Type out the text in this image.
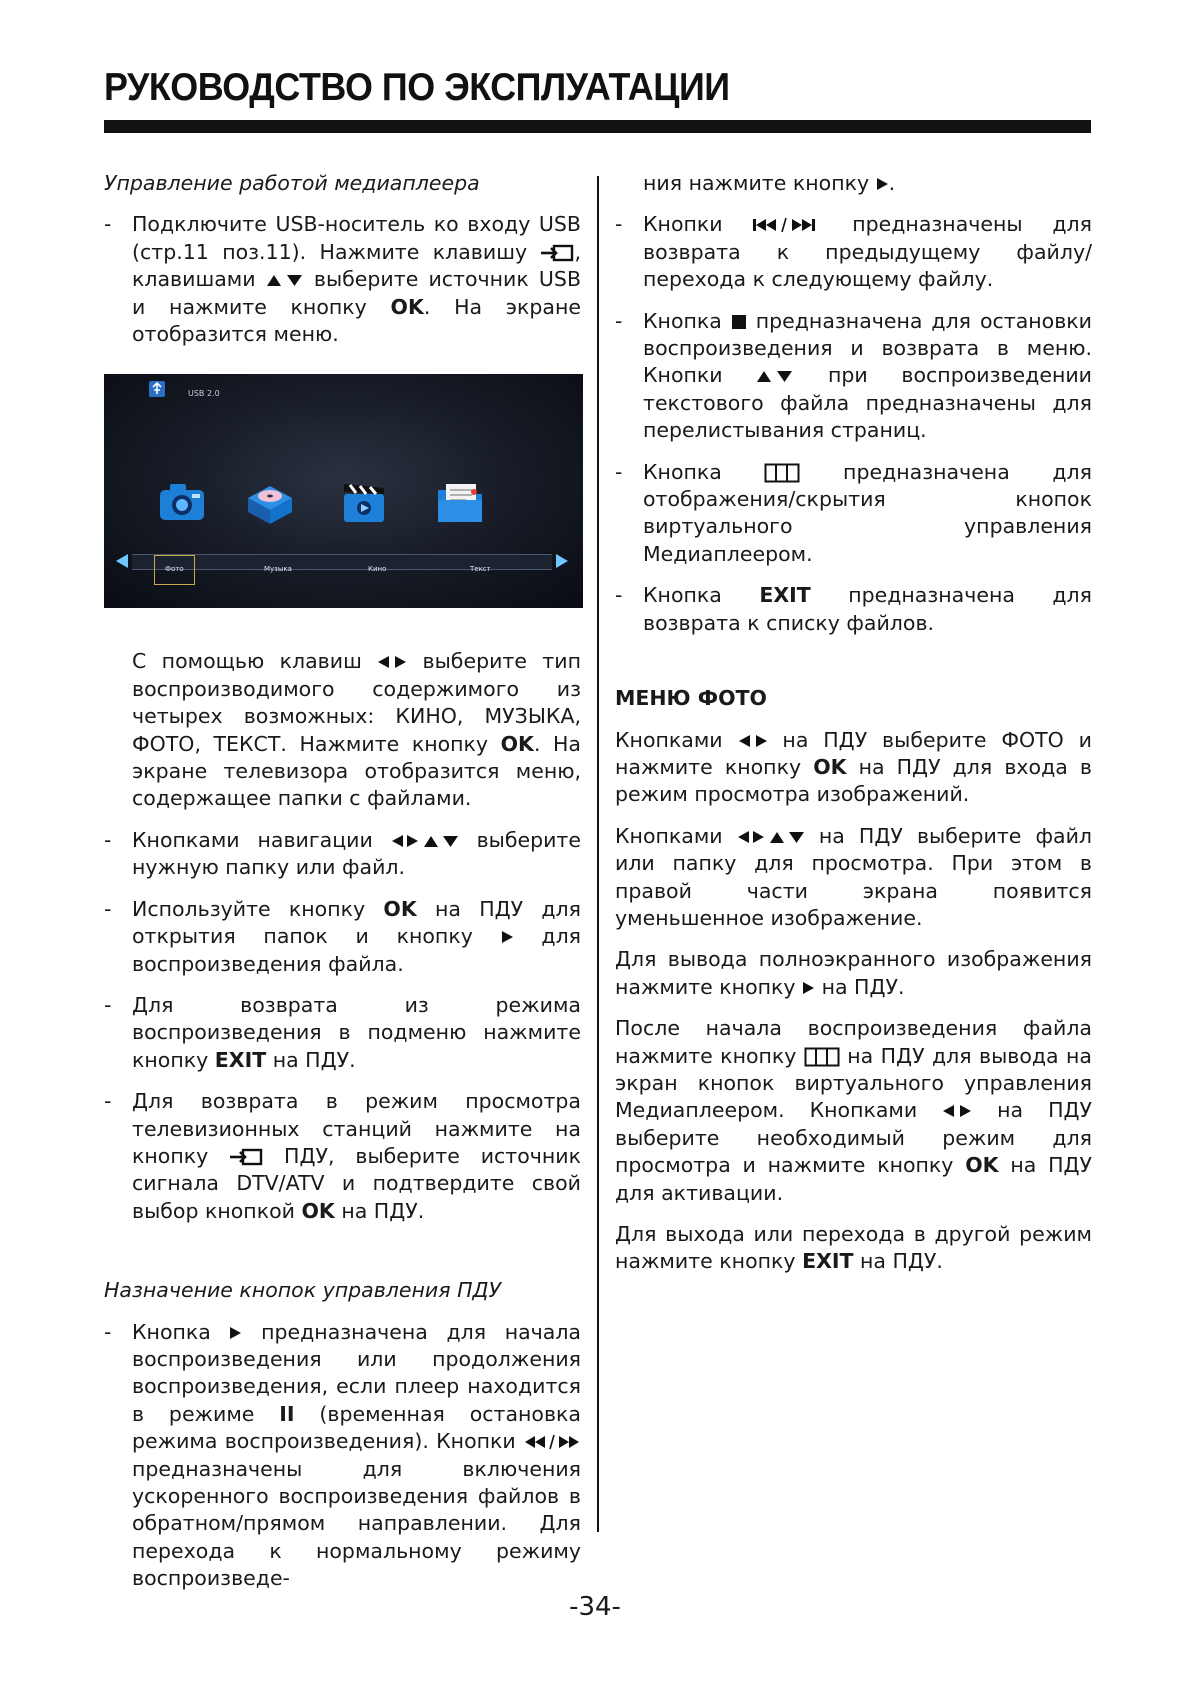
РУКОВОДСТВО ПО ЭКСПЛУАТАЦИИ

Управление работой медиаплеера

- Подключите USB-носитель ко входу USB (стр.11 поз.11). Нажмите клавишу , клавишами  выберите источник USB и нажмите кнопку OK. На экране отобразится меню.
USB 2.0
Фото	Музыка	Кино	Текст

С помощью клавиш  выберите тип воспроизводимого содержимого из четырех возможных: КИНО, МУЗЫКА, ФОТО, ТЕКСТ. Нажмите кнопку OK. На экране телевизора отобразится меню, содержащее папки с файлами.

- Кнопками навигации	выберите нужную папку или файл.
- Используйте кнопку OK на ПДУ для открытия папок и кнопку  для воспроизведения файла.
- Для возврата из режима воспроизведения в подменю нажмите кнопку EXIT на ПДУ.
- Для возврата в режим просмотра телевизионных станций нажмите на кнопку  ПДУ, выберите источник сигнала DTV/ATV и подтвердите свой выбор кнопкой OK на ПДУ.

Назначение кнопок управления ПДУ

- Кнопка  предназначена для начала воспроизведения или продолжения воспроизведения, если плеер находится в режиме II (временная остановка режима воспроизведения). Кнопки  предназначены для включения ускоренного воспроизведения файлов в обратном/прямом направлении. Для перехода к нормальному режиму воспроизведе-

ния нажмите кнопку .

- Кнопки	предназначены для возврата к предыдущему файлу/переходa к следующему файлу.
- Кнопка  предназначена для остановки воспроизведения и возврата в меню. Кнопки  при воспроизведении текстового файла предназначены для перелистывания страниц.
- Кнопка  предназначена для отображения/скрытия кнопок виртуального управления Медиаплеером.
- Кнопка EXIT предназначена для возврата к списку файлов.

МЕНЮ ФОТО

Кнопками  на ПДУ выберите ФОТО и нажмите кнопку OK на ПДУ для входа в режим просмотра изображений.

Кнопками	на ПДУ выберите файл или папку для просмотра. При этом в правой части экрана появится уменьшенное изображение.

Для вывода полноэкранного изображения нажмите кнопку  на ПДУ.

После начала воспроизведения файла нажмите кнопку  на ПДУ для вывода на экран кнопок виртуального управления Медиаплеером. Кнопками  на ПДУ выберите необходимый режим для просмотра и нажмите кнопку OK на ПДУ для активации.

Для выхода или перехода в другой режим нажмите кнопку EXIT на ПДУ.

-34-
